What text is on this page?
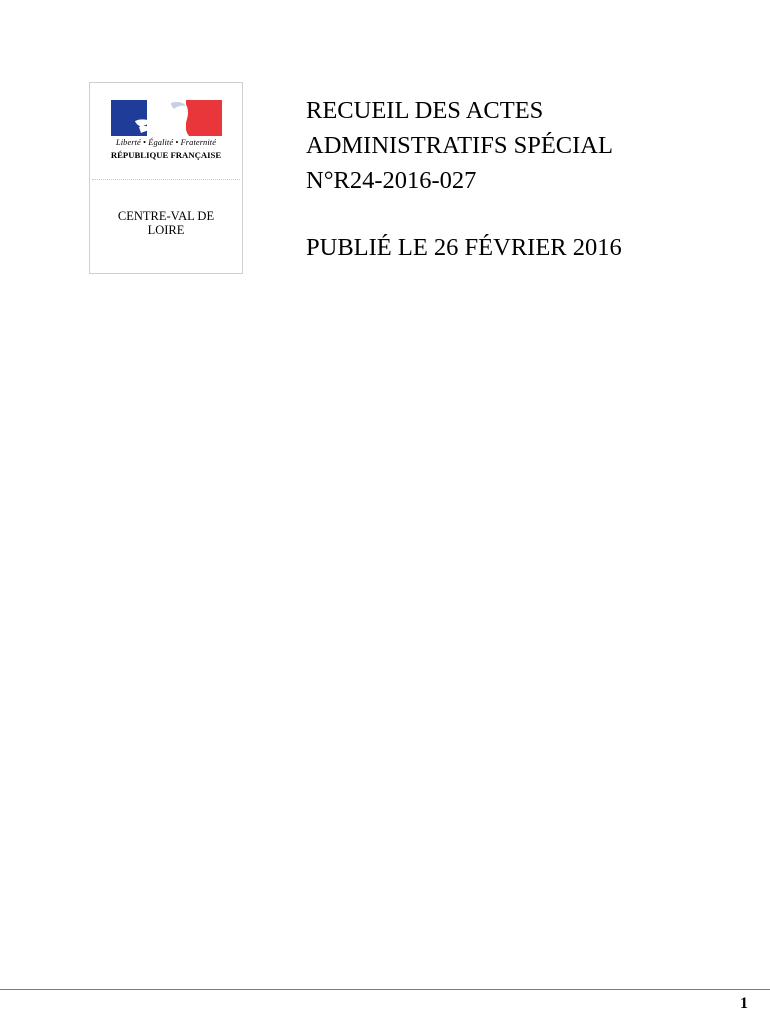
Liberté • Égalité • Fraternité
RÉPUBLIQUE FRANÇAISE
CENTRE-VAL DE
LOIRE
RECUEIL DES ACTES
ADMINISTRATIFS SPÉCIAL
N°R24-2016-027
PUBLIÉ LE 26 FÉVRIER 2016
1
